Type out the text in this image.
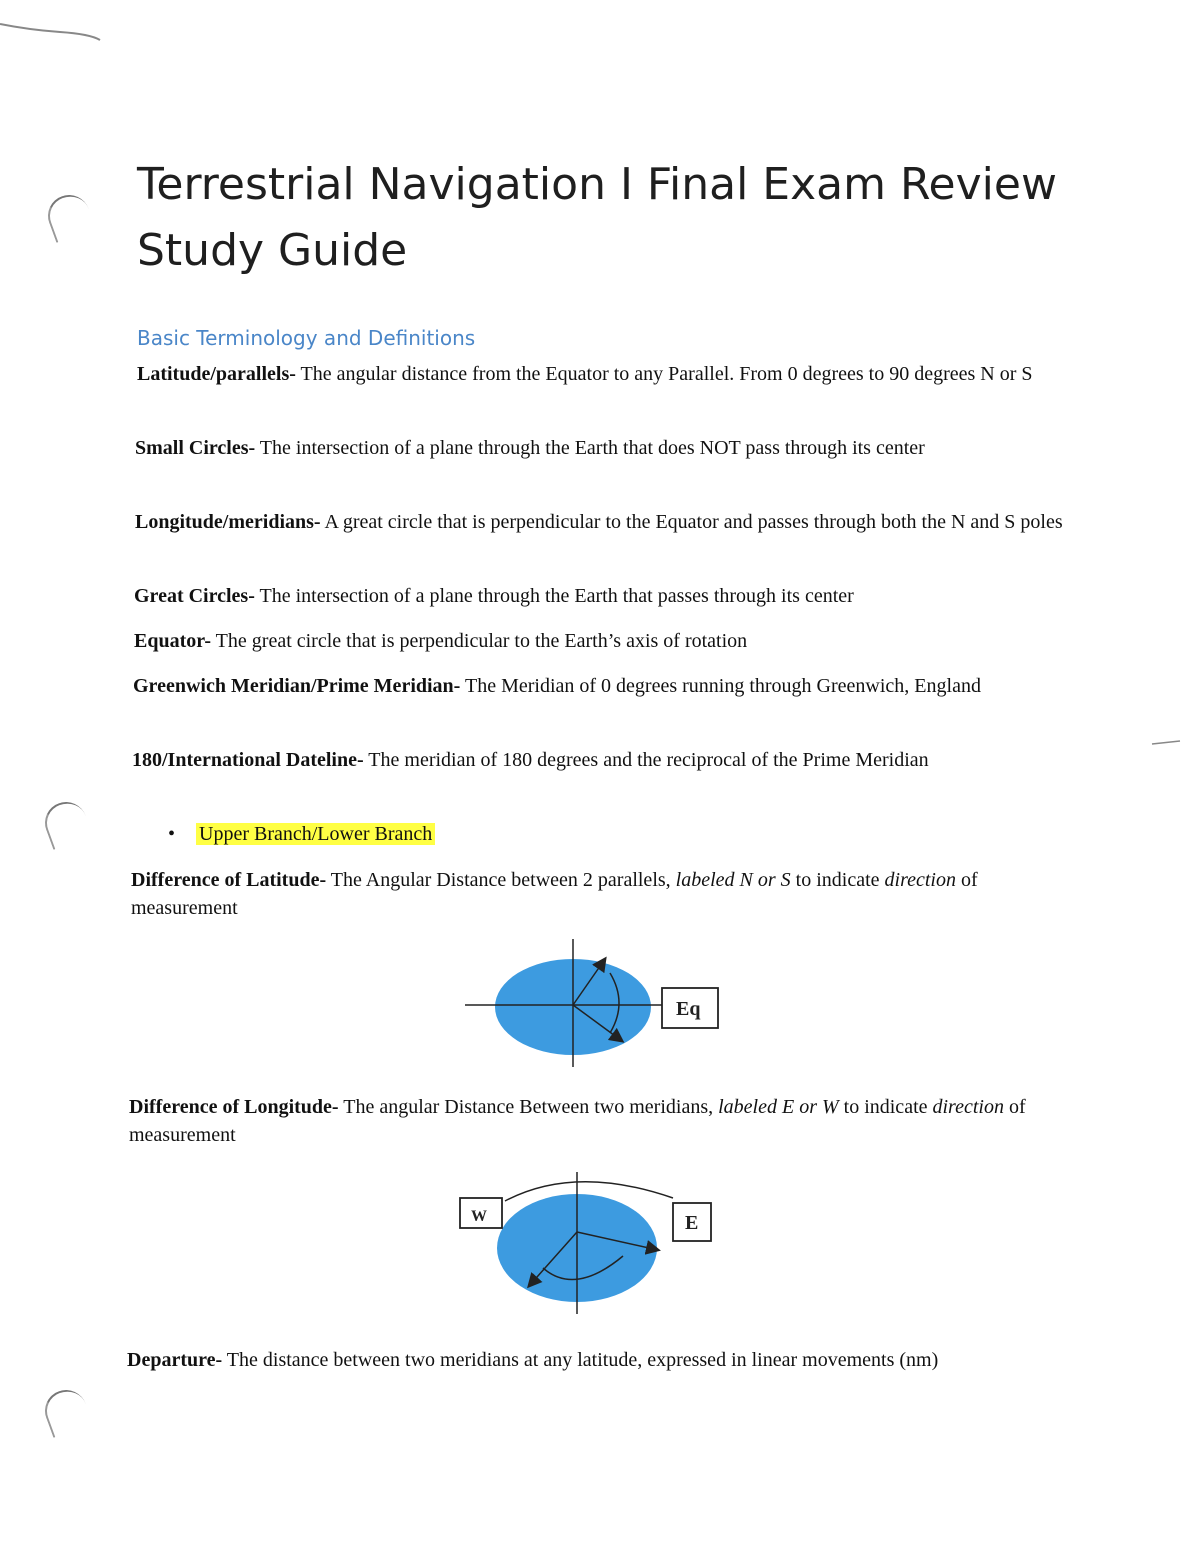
Terrestrial Navigation I Final Exam Review Study Guide
Basic Terminology and Definitions
Latitude/parallels- The angular distance from the Equator to any Parallel. From 0 degrees to 90 degrees N or S
Small Circles- The intersection of a plane through the Earth that does NOT pass through its center
Longitude/meridians- A great circle that is perpendicular to the Equator and passes through both the N and S poles
Great Circles- The intersection of a plane through the Earth that passes through its center
Equator- The great circle that is perpendicular to the Earth’s axis of rotation
Greenwich Meridian/Prime Meridian- The Meridian of 0 degrees running through Greenwich, England
180/International Dateline- The meridian of 180 degrees and the reciprocal of the Prime Meridian
• Upper Branch/Lower Branch
Difference of Latitude- The Angular Distance between 2 parallels, labeled N or S to indicate direction of measurement
Eq
Difference of Longitude- The angular Distance Between two meridians, labeled E or W to indicate direction of measurement
W	E
Departure- The distance between two meridians at any latitude, expressed in linear movements (nm)
